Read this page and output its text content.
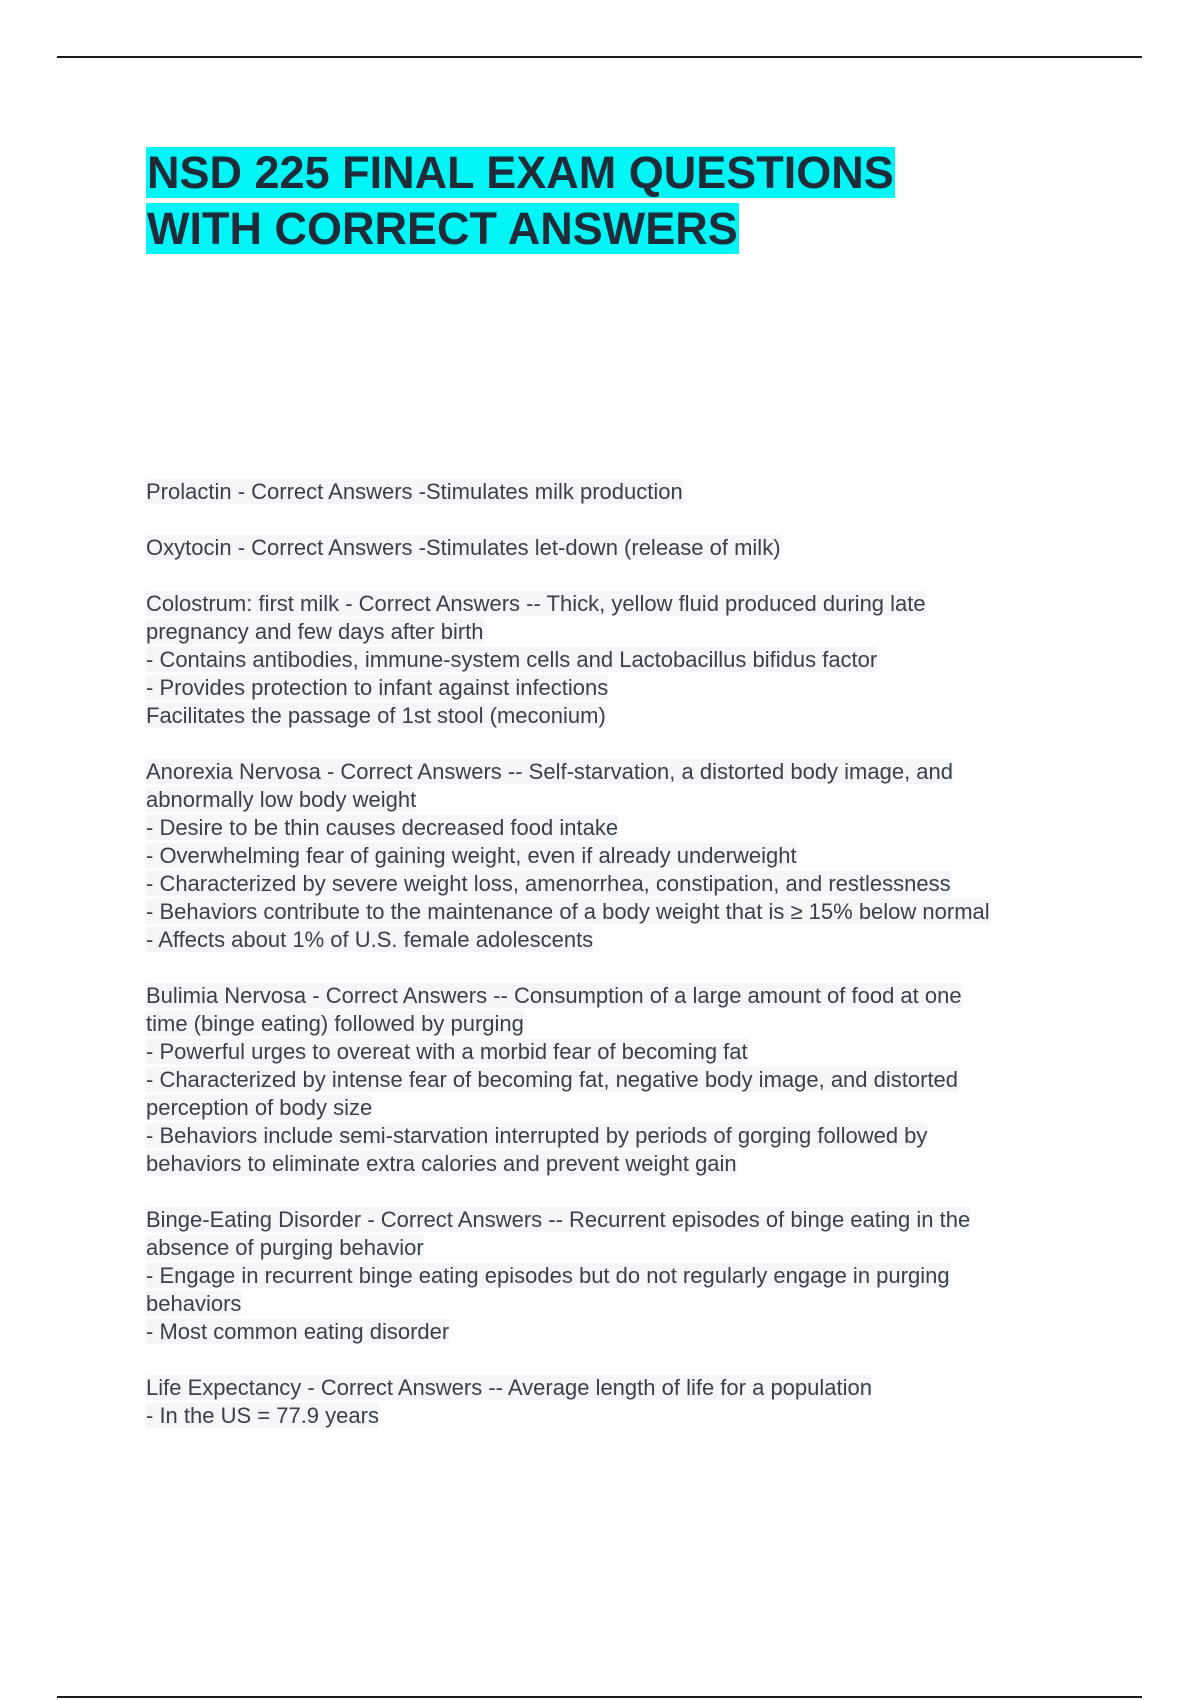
NSD 225 FINAL EXAM QUESTIONS
WITH CORRECT ANSWERS
Prolactin - Correct Answers -Stimulates milk production
Oxytocin - Correct Answers -Stimulates let-down (release of milk)
Colostrum: first milk - Correct Answers -- Thick, yellow fluid produced during late
pregnancy and few days after birth
- Contains antibodies, immune-system cells and Lactobacillus bifidus factor
- Provides protection to infant against infections
Facilitates the passage of 1st stool (meconium)
Anorexia Nervosa - Correct Answers -- Self-starvation, a distorted body image, and
abnormally low body weight
- Desire to be thin causes decreased food intake
- Overwhelming fear of gaining weight, even if already underweight
- Characterized by severe weight loss, amenorrhea, constipation, and restlessness
- Behaviors contribute to the maintenance of a body weight that is ≥ 15% below normal
- Affects about 1% of U.S. female adolescents
Bulimia Nervosa - Correct Answers -- Consumption of a large amount of food at one
time (binge eating) followed by purging
- Powerful urges to overeat with a morbid fear of becoming fat
- Characterized by intense fear of becoming fat, negative body image, and distorted
perception of body size
- Behaviors include semi-starvation interrupted by periods of gorging followed by
behaviors to eliminate extra calories and prevent weight gain
Binge-Eating Disorder - Correct Answers -- Recurrent episodes of binge eating in the
absence of purging behavior
- Engage in recurrent binge eating episodes but do not regularly engage in purging
behaviors
- Most common eating disorder
Life Expectancy - Correct Answers -- Average length of life for a population
- In the US = 77.9 years
